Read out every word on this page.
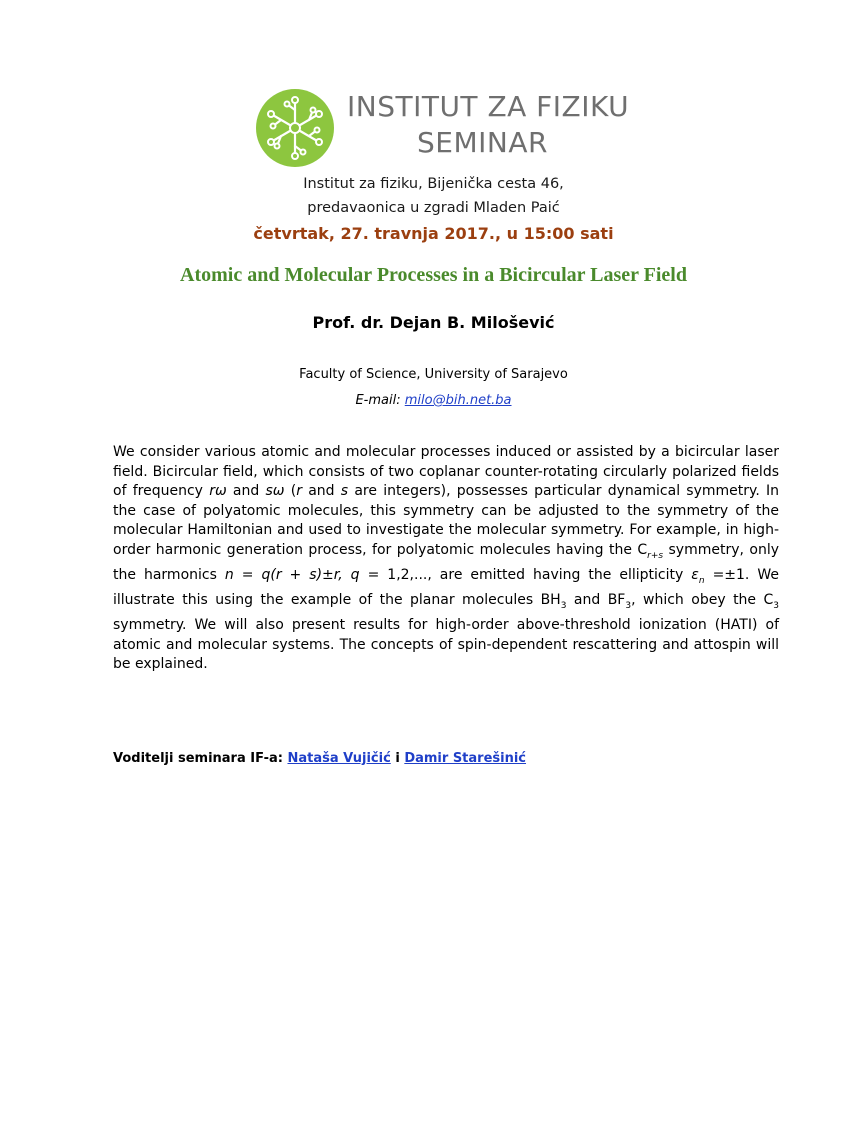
INSTITUT ZA FIZIKU
SEMINAR
Institut za fiziku, Bijenička cesta 46,
predavaonica u zgradi Mladen Paić
četvrtak, 27. travnja 2017., u 15:00 sati
Atomic and Molecular Processes in a Bicircular Laser Field
Prof. dr. Dejan B. Milošević
Faculty of Science, University of Sarajevo
E-mail: milo@bih.net.ba
We consider various atomic and molecular processes induced or assisted by a bicircular laser field. Bicircular field, which consists of two coplanar counter-rotating circularly polarized fields of frequency rω and sω (r and s are integers), possesses particular dynamical symmetry. In the case of polyatomic molecules, this symmetry can be adjusted to the symmetry of the molecular Hamiltonian and used to investigate the molecular symmetry. For example, in high-order harmonic generation process, for polyatomic molecules having the $C_{r+s}$ symmetry, only the harmonics n = q(r + s)±r, q = 1,2,..., are emitted having the ellipticity $\varepsilon_n =\pm 1$. We illustrate this using the example of the planar molecules $BH_3$ and $BF_3$, which obey the $C_3$ symmetry. We will also present results for high-order above-threshold ionization (HATI) of atomic and molecular systems. The concepts of spin-dependent rescattering and attospin will be explained.
Voditelji seminara IF-a: Nataša Vujičić i Damir Starešinić
